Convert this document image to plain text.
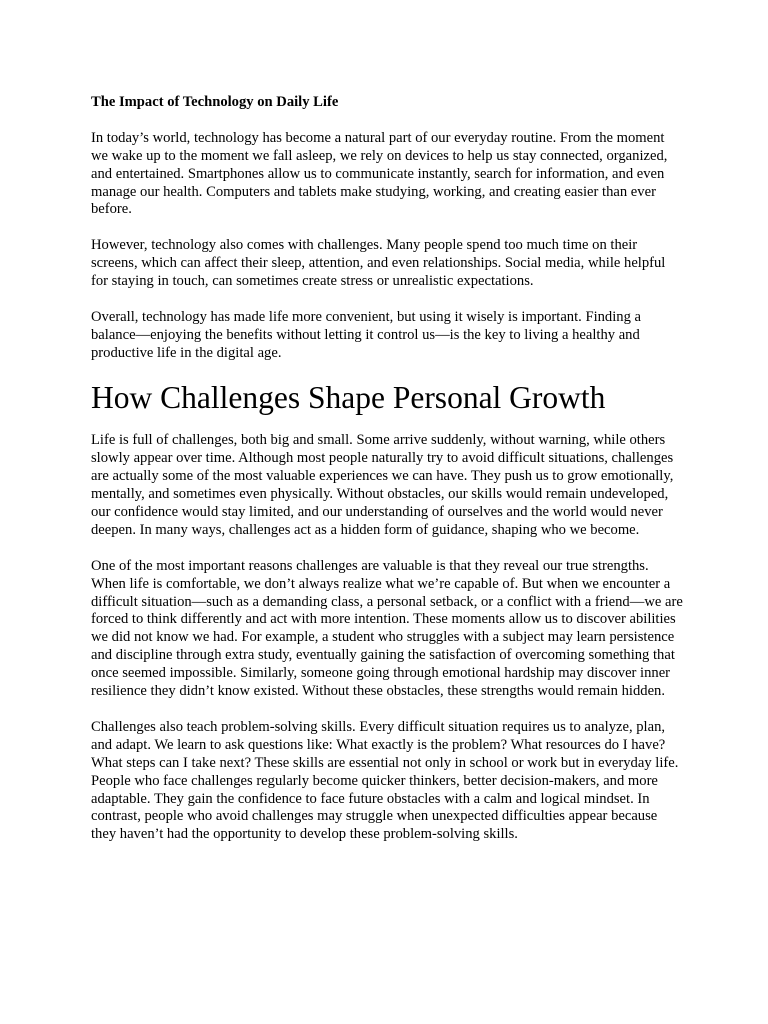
The Impact of Technology on Daily Life

In today’s world, technology has become a natural part of our everyday routine. From the moment we wake up to the moment we fall asleep, we rely on devices to help us stay connected, organized, and entertained. Smartphones allow us to communicate instantly, search for information, and even manage our health. Computers and tablets make studying, working, and creating easier than ever before.

However, technology also comes with challenges. Many people spend too much time on their screens, which can affect their sleep, attention, and even relationships. Social media, while helpful for staying in touch, can sometimes create stress or unrealistic expectations.

Overall, technology has made life more convenient, but using it wisely is important. Finding a balance—enjoying the benefits without letting it control us—is the key to living a healthy and productive life in the digital age.

How Challenges Shape Personal Growth

Life is full of challenges, both big and small. Some arrive suddenly, without warning, while others slowly appear over time. Although most people naturally try to avoid difficult situations, challenges are actually some of the most valuable experiences we can have. They push us to grow emotionally, mentally, and sometimes even physically. Without obstacles, our skills would remain undeveloped, our confidence would stay limited, and our understanding of ourselves and the world would never deepen. In many ways, challenges act as a hidden form of guidance, shaping who we become.

One of the most important reasons challenges are valuable is that they reveal our true strengths. When life is comfortable, we don’t always realize what we’re capable of. But when we encounter a difficult situation—such as a demanding class, a personal setback, or a conflict with a friend—we are forced to think differently and act with more intention. These moments allow us to discover abilities we did not know we had. For example, a student who struggles with a subject may learn persistence and discipline through extra study, eventually gaining the satisfaction of overcoming something that once seemed impossible. Similarly, someone going through emotional hardship may discover inner resilience they didn’t know existed. Without these obstacles, these strengths would remain hidden.

Challenges also teach problem-solving skills. Every difficult situation requires us to analyze, plan, and adapt. We learn to ask questions like: What exactly is the problem? What resources do I have? What steps can I take next? These skills are essential not only in school or work but in everyday life. People who face challenges regularly become quicker thinkers, better decision-makers, and more adaptable. They gain the confidence to face future obstacles with a calm and logical mindset. In contrast, people who avoid challenges may struggle when unexpected difficulties appear because they haven’t had the opportunity to develop these problem-solving skills.
